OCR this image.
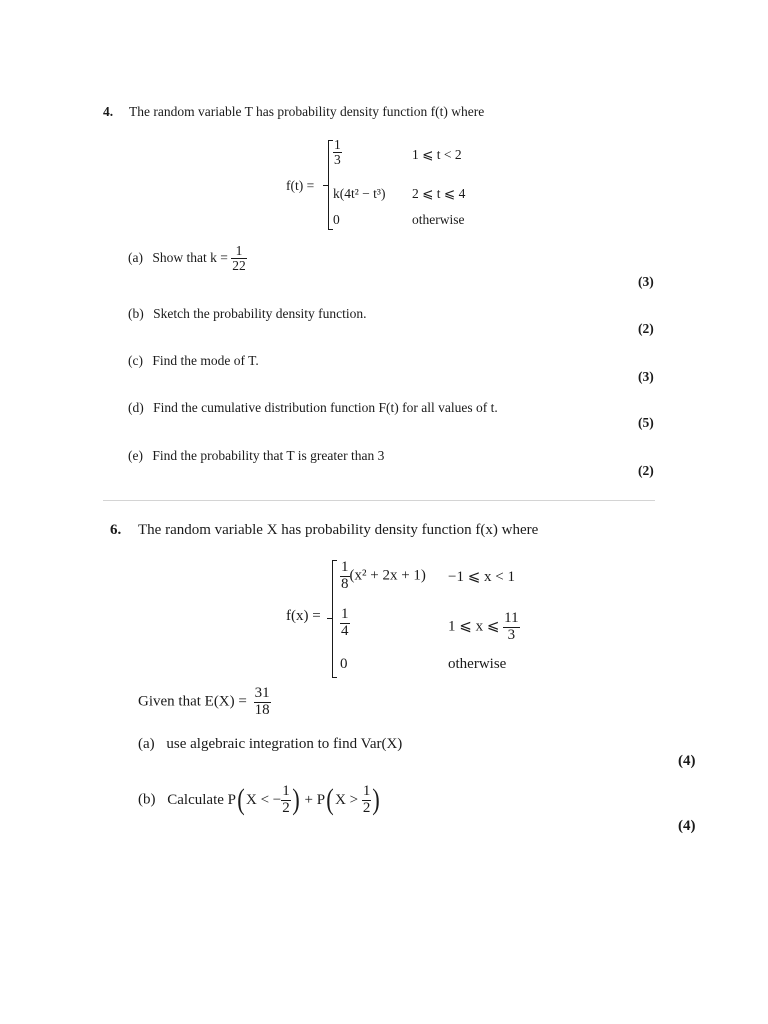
4. The random variable T has probability density function f(t) where
f(t) =
$\frac{1}{3}$	1 ⩽ t < 2
k(4t² − t³) 2 ⩽ t ⩽ 4
0	otherwise
(a) Show that $k = \frac{1}{22}$
(3)
(b) Sketch the probability density function.
(2)
(c) Find the mode of T.
(3)
(d) Find the cumulative distribution function F(t) for all values of t.
(5)
(e) Find the probability that T is greater than 3
(2)
6. The random variable X has probability density function f(x) where
f(x) =
$\frac{1}{8} (x^2 + 2x + 1) -1$ ⩽ x < 1
$\frac{1}{4}$	1 ⩽ x ⩽ $\frac{11}{3}$
0	otherwise
Given that $E(X) = \frac{31}{18}$
(a) use algebraic integration to find Var(X)
(4)
(b) Calculate P(X < − $\frac{1}{2}$ ) + $P(X > \frac{1}{2}$ )
(4)
